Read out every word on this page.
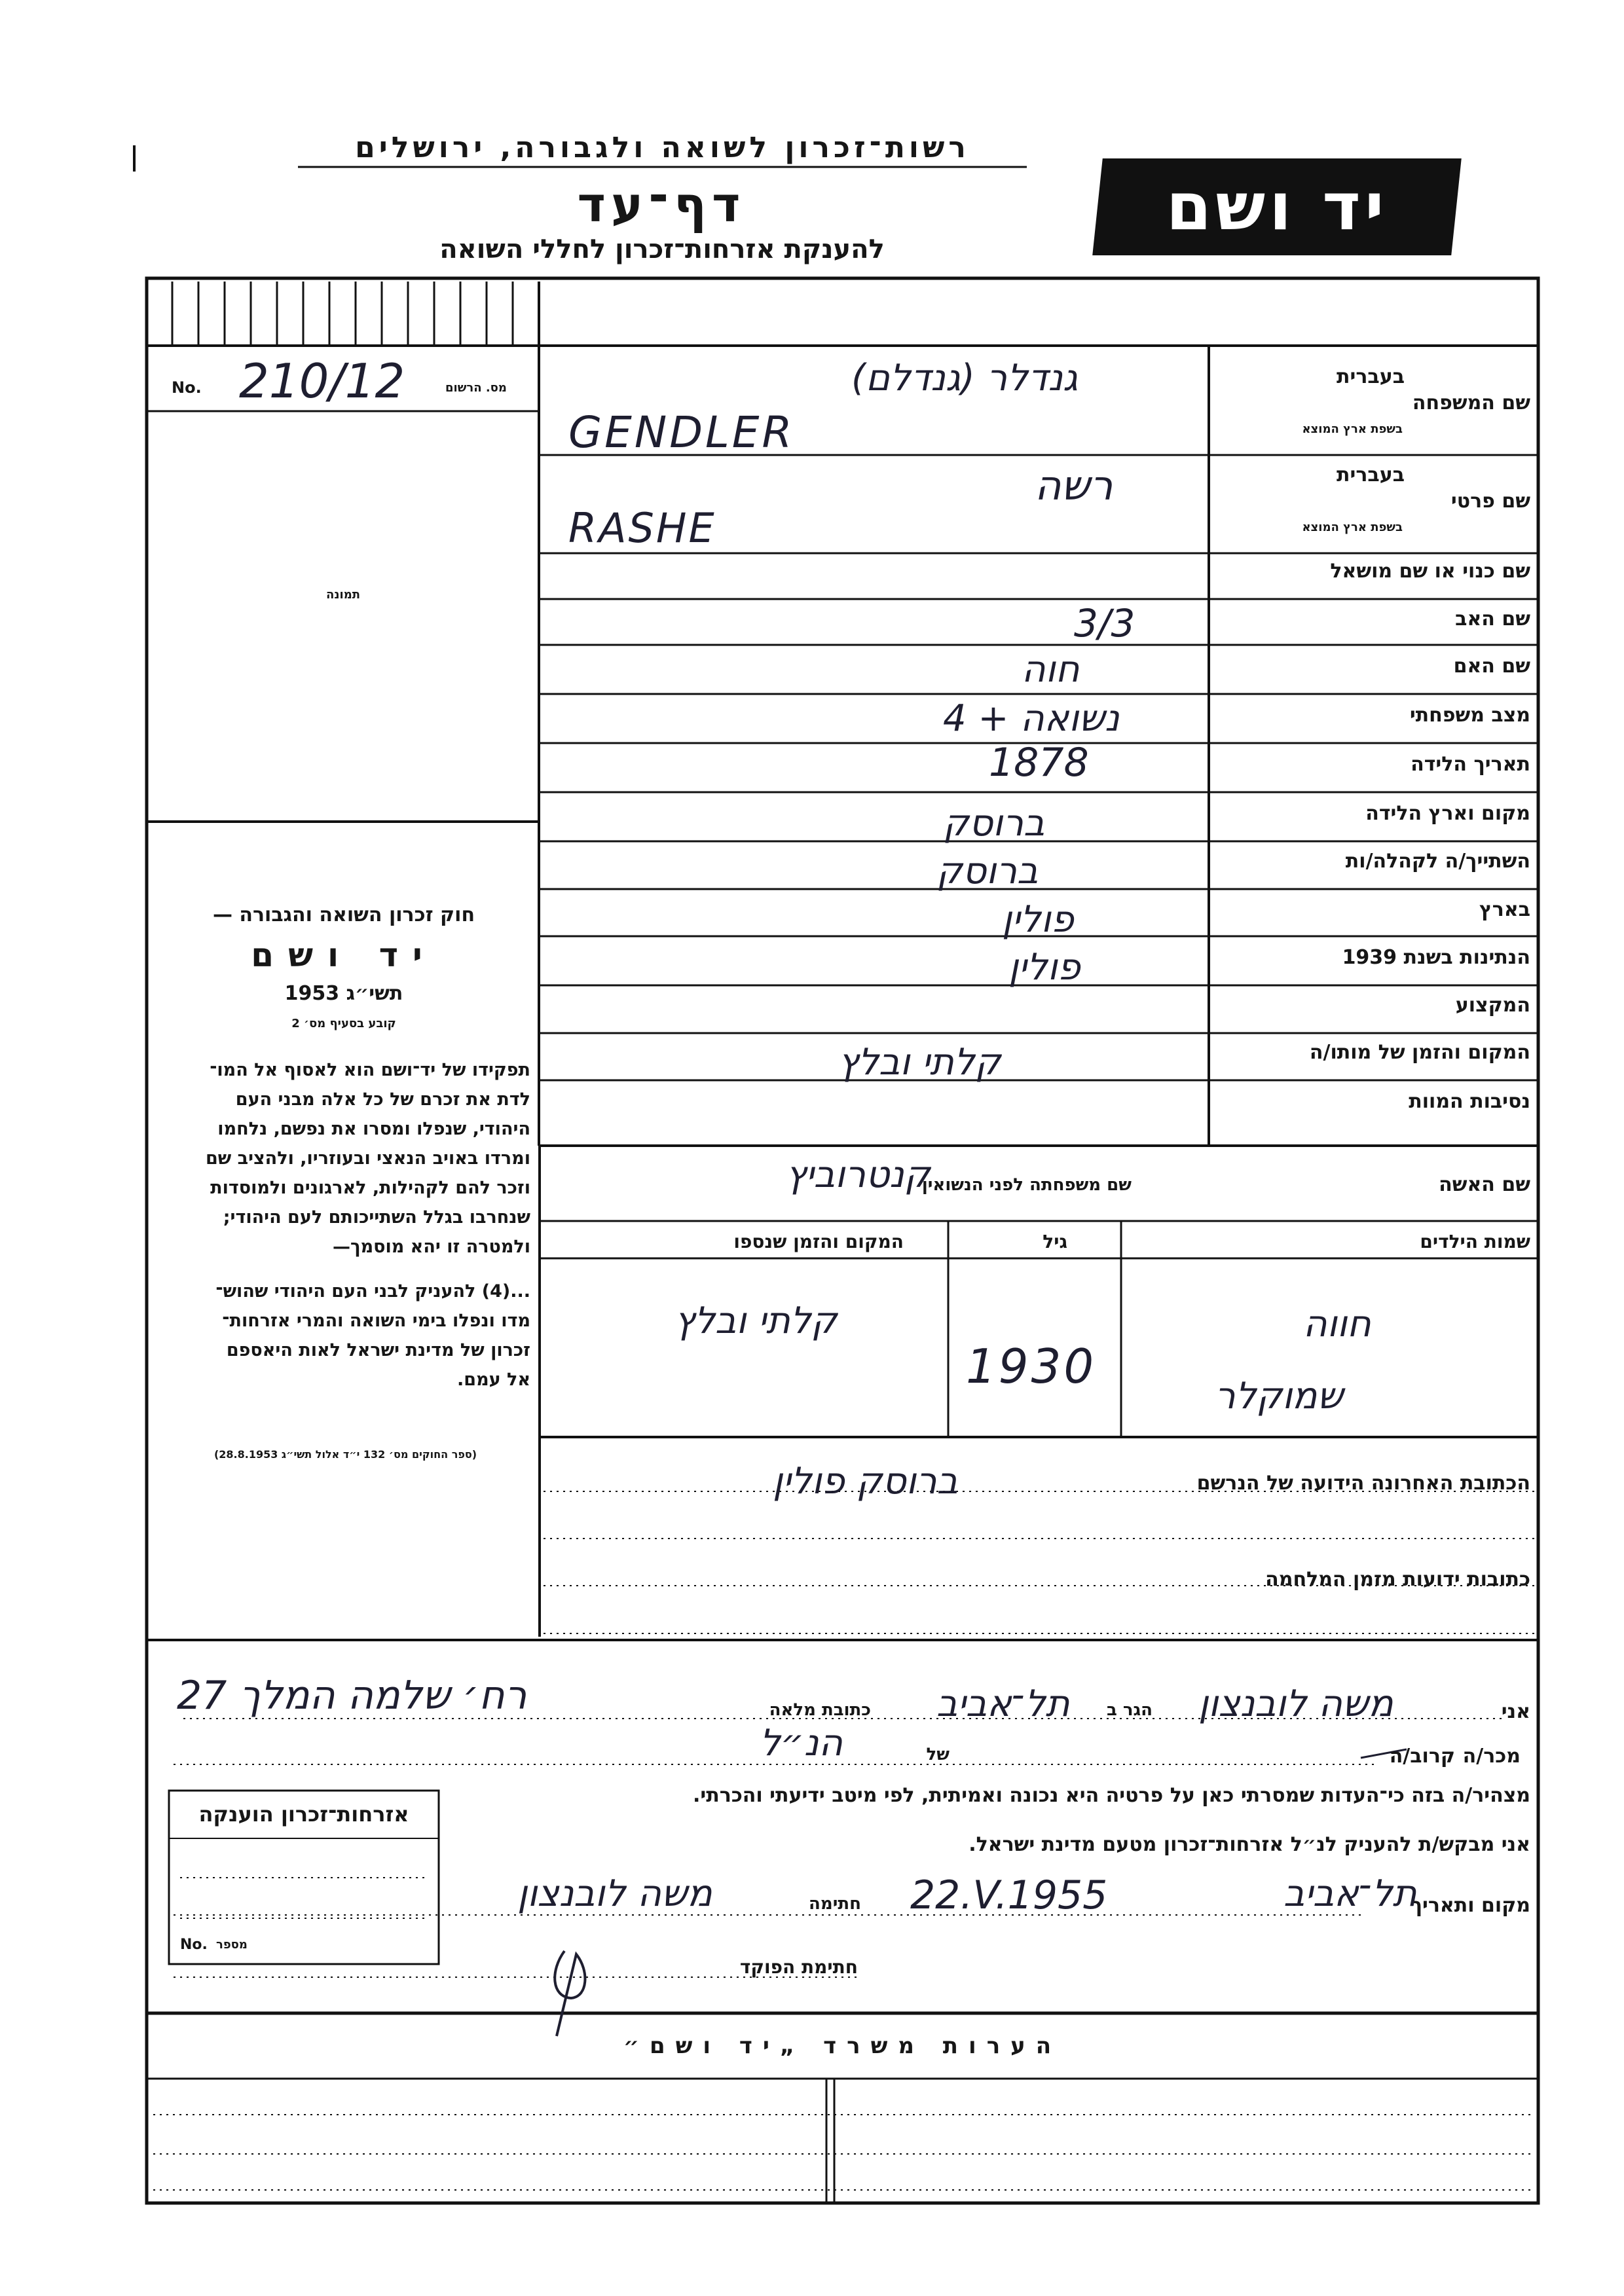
רשות־זכרון לשואה ולגבורה, ירושלים
דף־עד
להענקת אזרחות־זכרון לחללי השואה
יד ושם
No.	מס. הרשום
210/12
תמונה
חוק זכרון השואה והגבורה —
יד ושם
תשי״ג 1953
קובע בסעיף מס׳ 2
תפקידו של יד־ושם הוא לאסוף אל המו־
לדת את זכרם של כל אלה מבני העם
היהודי, שנפלו ומסרו את נפשם, נלחמו
ומרדו באויב הנאצי ובעוזריו, ולהציב שם
וזכר להם לקהילות, לארגונים ולמוסדות
שנחרבו בגלל השתייכותם לעם היהודי;
ולמטרה זו יהא מוסמך—
...(4) להעניק לבני העם היהודי שהוש־
מדו ונפלו בימי השואה והמרי אזרחות־
זכרון של מדינת ישראל לאות היאספם
אל עמם.
(ספר החוקים מס׳ 132 י״ד אלול תשי״ג 28.8.1953)
בעברית
שם המשפחה
בשפת ארץ המוצא
בעברית
שם פרטי
בשפת ארץ המוצא
שם כנוי או שם מושאל
שם האב
שם האם
מצב משפחתי
תאריך הלידה
מקום וארץ הלידה
השתייך/ה לקהלה/ות
בארץ
הנתינות בשנת 1939
המקצוע
המקום והזמן של מותו/ה
נסיבות המוות
גנדלר (גנדלם)
GENDLER
רשה
RASHE
3/3
חוה
נשואה + 4
1878
ברוסק
ברוסק
פולין
פולין
קלתי ובלץ
שם האשה
שם משפחתה לפני הנשואין
קנטרוביץ
שמות הילדים
גיל
המקום והזמן שנספו
חווה
קלתי ובלץ
שמוקלר
1930
הכתובת האחרונה הידועה של הנרשם
ברוסק פולין
כתובות ידועות מזמן המלחמה
אני
משה לובנצון
הגר ב
תל־אביב
כתובת מלאה
רח׳ שלמה המלך 27
קרוב/ה מכר/ה
של
הנ״ל
מצהיר/ה בזה כי־העדות שמסרתי כאן על פרטיה היא נכונה ואמיתית, לפי מיטב ידיעתי והכרתי.
אני מבקש/ת להעניק לנ״ל אזרחות־זכרון מטעם מדינת ישראל.
מקום ותאריך
תל־אביב
22.V.1955
חתימה
משה לובנצון
חתימת הפוקד
אזרחות־זכרון הוענקה
מספר
No.
הערות משרד „יד ושם״
